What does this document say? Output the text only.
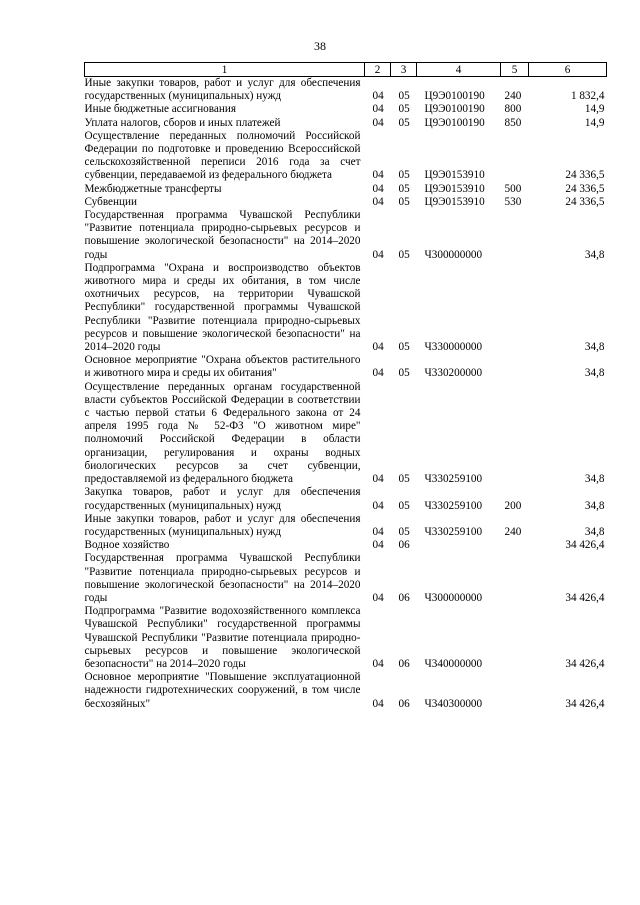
38
1	2	3	4	5	6
Иные закупки товаров, работ и услуг для обеспечения государственных (муниципальных) нужд	04	05	Ц9Э0100190	240	1 832,4
Иные бюджетные ассигнования	04	05	Ц9Э0100190	800	14,9
Уплата налогов, сборов и иных платежей	04	05	Ц9Э0100190	850	14,9
Осуществление переданных полномочий Российской Федерации по подготовке и проведению Всероссийской сельскохозяйственной переписи 2016 года за счет субвенции, передаваемой из федерального бюджета	04	05	Ц9Э0153910		24 336,5
Межбюджетные трансферты	04	05	Ц9Э0153910	500	24 336,5
Субвенции	04	05	Ц9Э0153910	530	24 336,5
Государственная программа Чувашской Республики "Развитие потенциала природно-сырьевых ресурсов и повышение экологической безопасности" на 2014–2020 годы	04	05	Ч300000000		34,8
Подпрограмма "Охрана и воспроизводство объектов животного мира и среды их обитания, в том числе охотничьих ресурсов, на территории Чувашской Республики" государственной программы Чувашской Республики "Развитие потенциала природно-сырьевых ресурсов и повышение экологической безопасности" на 2014–2020 годы	04	05	Ч330000000		34,8
Основное мероприятие "Охрана объектов растительного и животного мира и среды их обитания"	04	05	Ч330200000		34,8
Осуществление переданных органам государственной власти субъектов Российской Федерации в соответствии с частью первой статьи 6 Федерального закона от 24 апреля 1995 года № 52-ФЗ "О животном мире" полномочий Российской Федерации в области организации, регулирования и охраны водных биологических ресурсов за счет субвенции, предоставляемой из федерального бюджета	04	05	Ч330259100		34,8
Закупка товаров, работ и услуг для обеспечения государственных (муниципальных) нужд	04	05	Ч330259100	200	34,8
Иные закупки товаров, работ и услуг для обеспечения государственных (муниципальных) нужд	04	05	Ч330259100	240	34,8
Водное хозяйство	04	06			34 426,4
Государственная программа Чувашской Республики "Развитие потенциала природно-сырьевых ресурсов и повышение экологической безопасности" на 2014–2020 годы	04	06	Ч300000000		34 426,4
Подпрограмма "Развитие водохозяйственного комплекса Чувашской Республики" государственной программы Чувашской Республики "Развитие потенциала природно-сырьевых ресурсов и повышение экологической безопасности" на 2014–2020 годы	04	06	Ч340000000		34 426,4
Основное мероприятие "Повышение эксплуатационной надежности гидротехнических сооружений, в том числе бесхозяйных"	04	06	Ч340300000		34 426,4
